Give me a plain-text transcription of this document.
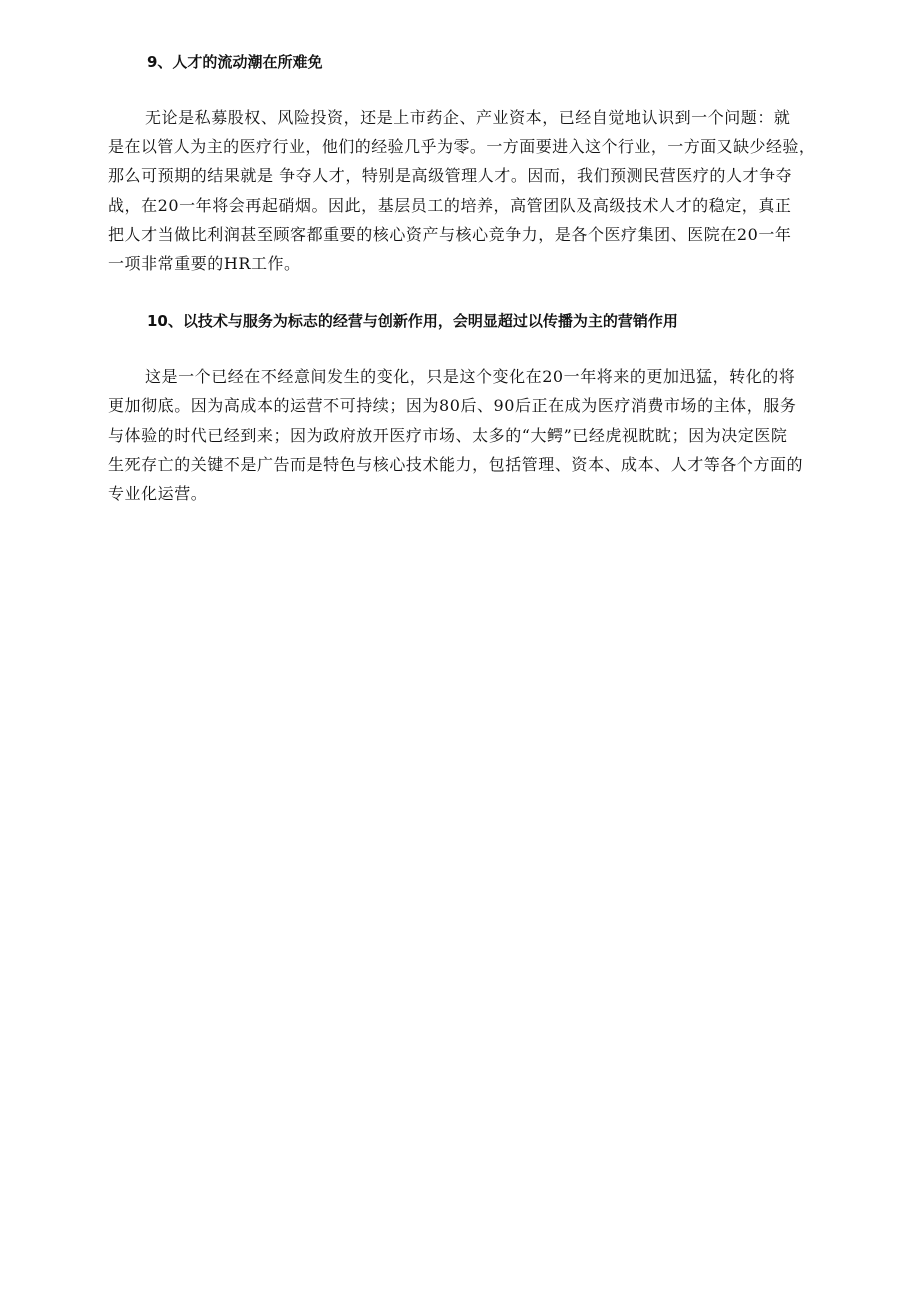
9、人才的流动潮在所难免

无论是私募股权、风险投资，还是上市药企、产业资本，已经自觉地认识到一个问题：就
是在以管人为主的医疗行业，他们的经验几乎为零。一方面要进入这个行业，一方面又缺少经验，
那么可预期的结果就是 争夺人才，特别是高级管理人才。因而，我们预测民营医疗的人才争夺
战，在20一年将会再起硝烟。因此，基层员工的培养，高管团队及高级技术人才的稳定，真正
把人才当做比利润甚至顾客都重要的核心资产与核心竞争力，是各个医疗集团、医院在20一年
一项非常重要的HR工作。

10、以技术与服务为标志的经营与创新作用，会明显超过以传播为主的营销作用

这是一个已经在不经意间发生的变化，只是这个变化在20一年将来的更加迅猛，转化的将
更加彻底。因为高成本的运营不可持续；因为80后、90后正在成为医疗消费市场的主体，服务
与体验的时代已经到来；因为政府放开医疗市场、太多的“大鳄”已经虎视眈眈；因为决定医院
生死存亡的关键不是广告而是特色与核心技术能力，包括管理、资本、成本、人才等各个方面的
专业化运营。
